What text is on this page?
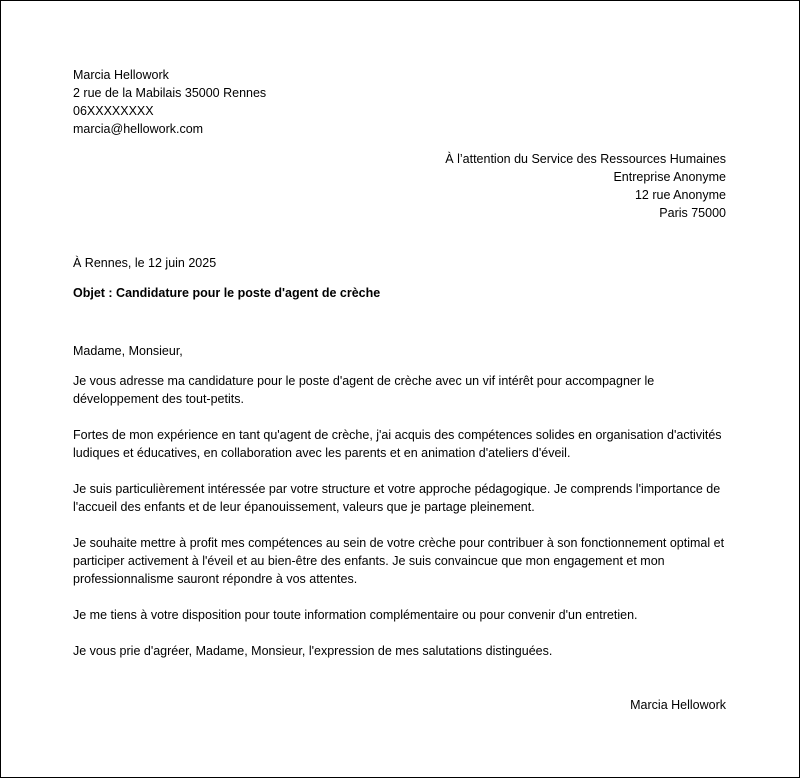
Marcia Hellowork
2 rue de la Mabilais 35000 Rennes
06XXXXXXXX
marcia@hellowork.com
À l’attention du Service des Ressources Humaines
Entreprise Anonyme
12 rue Anonyme
Paris 75000
À Rennes, le 12 juin 2025
Objet : Candidature pour le poste d'agent de crèche
Madame, Monsieur,
Je vous adresse ma candidature pour le poste d'agent de crèche avec un vif intérêt pour accompagner le développement des tout-petits.
Fortes de mon expérience en tant qu'agent de crèche, j'ai acquis des compétences solides en organisation d'activités ludiques et éducatives, en collaboration avec les parents et en animation d'ateliers d'éveil.
Je suis particulièrement intéressée par votre structure et votre approche pédagogique. Je comprends l'importance de l'accueil des enfants et de leur épanouissement, valeurs que je partage pleinement.
Je souhaite mettre à profit mes compétences au sein de votre crèche pour contribuer à son fonctionnement optimal et participer activement à l'éveil et au bien-être des enfants. Je suis convaincue que mon engagement et mon professionnalisme sauront répondre à vos attentes.
Je me tiens à votre disposition pour toute information complémentaire ou pour convenir d'un entretien.
Je vous prie d'agréer, Madame, Monsieur, l'expression de mes salutations distinguées.
Marcia Hellowork
